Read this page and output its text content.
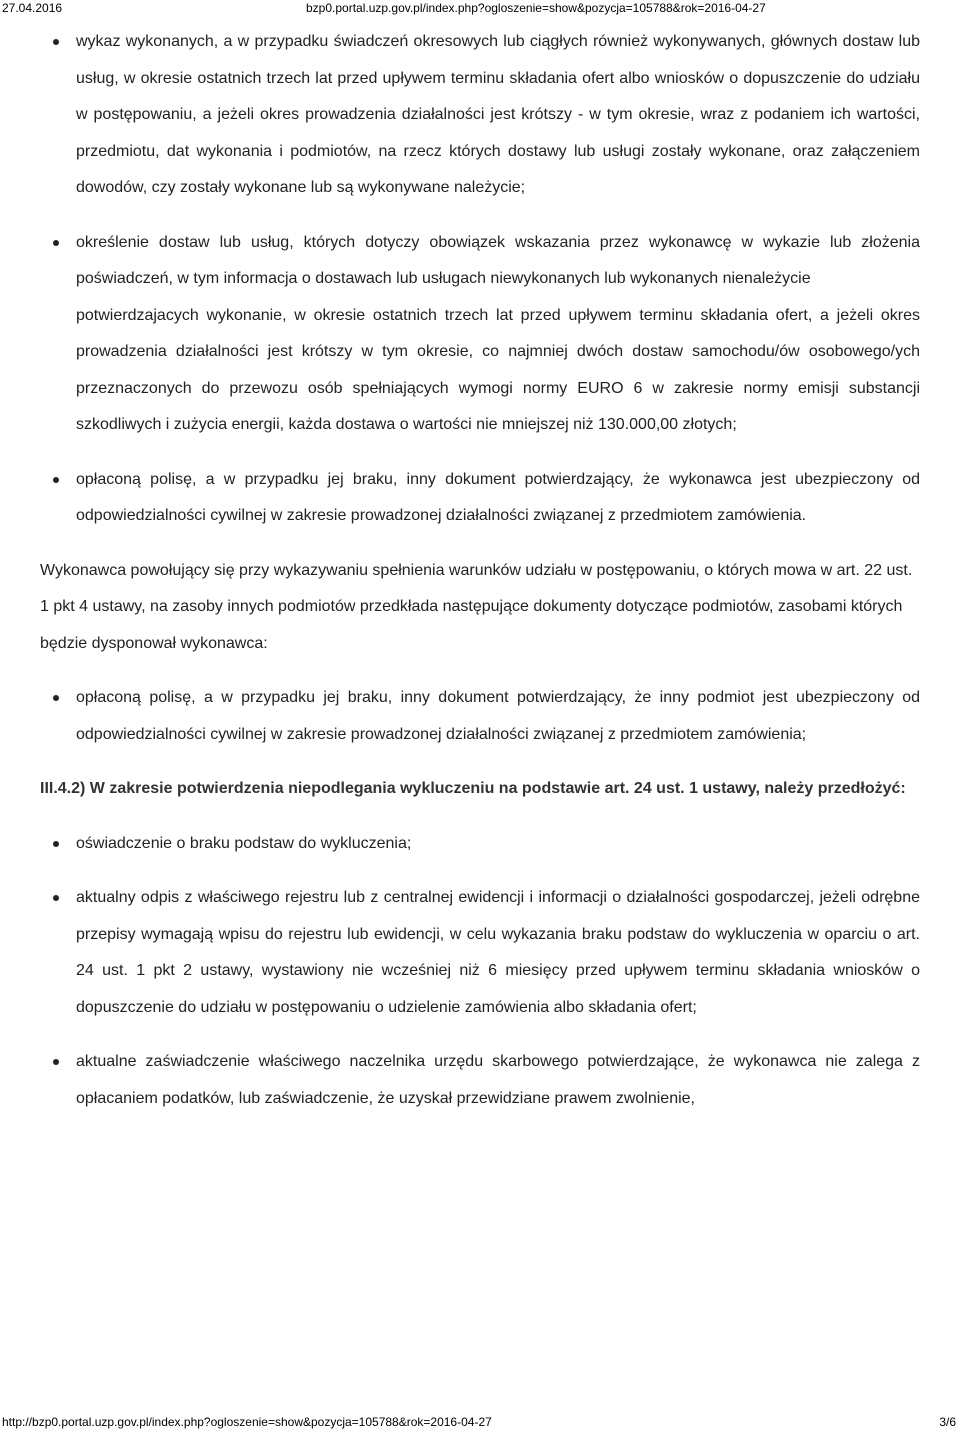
27.04.2016	bzp0.portal.uzp.gov.pl/index.php?ogloszenie=show&pozycja=105788&rok=2016-04-27
wykaz wykonanych, a w przypadku świadczeń okresowych lub ciągłych również wykonywanych, głównych dostaw lub usług, w okresie ostatnich trzech lat przed upływem terminu składania ofert albo wniosków o dopuszczenie do udziału w postępowaniu, a jeżeli okres prowadzenia działalności jest krótszy - w tym okresie, wraz z podaniem ich wartości, przedmiotu, dat wykonania i podmiotów, na rzecz których dostawy lub usługi zostały wykonane, oraz załączeniem dowodów, czy zostały wykonane lub są wykonywane należycie;
określenie dostaw lub usług, których dotyczy obowiązek wskazania przez wykonawcę w wykazie lub złożenia poświadczeń, w tym informacja o dostawach lub usługach niewykonanych lub wykonanych nienależycie
potwierdzajacych wykonanie, w okresie ostatnich trzech lat przed upływem terminu składania ofert, a jeżeli okres prowadzenia działalności jest krótszy w tym okresie, co najmniej dwóch dostaw samochodu/ów osobowego/ych przeznaczonych do przewozu osób spełniających wymogi normy EURO 6 w zakresie normy emisji substancji szkodliwych i zużycia energii, każda dostawa o wartości nie mniejszej niż 130.000,00 złotych;
opłaconą polisę, a w przypadku jej braku, inny dokument potwierdzający, że wykonawca jest ubezpieczony od odpowiedzialności cywilnej w zakresie prowadzonej działalności związanej z przedmiotem zamówienia.

Wykonawca powołujący się przy wykazywaniu spełnienia warunków udziału w postępowaniu, o których mowa w art. 22 ust. 1 pkt 4 ustawy, na zasoby innych podmiotów przedkłada następujące dokumenty dotyczące podmiotów, zasobami których będzie dysponował wykonawca:

opłaconą polisę, a w przypadku jej braku, inny dokument potwierdzający, że inny podmiot jest ubezpieczony od odpowiedzialności cywilnej w zakresie prowadzonej działalności związanej z przedmiotem zamówienia;

III.4.2) W zakresie potwierdzenia niepodlegania wykluczeniu na podstawie art. 24 ust. 1 ustawy, należy przedłożyć:

oświadczenie o braku podstaw do wykluczenia;
aktualny odpis z właściwego rejestru lub z centralnej ewidencji i informacji o działalności gospodarczej, jeżeli odrębne przepisy wymagają wpisu do rejestru lub ewidencji, w celu wykazania braku podstaw do wykluczenia w oparciu o art. 24 ust. 1 pkt 2 ustawy, wystawiony nie wcześniej niż 6 miesięcy przed upływem terminu składania wniosków o dopuszczenie do udziału w postępowaniu o udzielenie zamówienia albo składania ofert;
aktualne zaświadczenie właściwego naczelnika urzędu skarbowego potwierdzające, że wykonawca nie zalega z opłacaniem podatków, lub zaświadczenie, że uzyskał przewidziane prawem zwolnienie,
http://bzp0.portal.uzp.gov.pl/index.php?ogloszenie=show&pozycja=105788&rok=2016-04-27	3/6
